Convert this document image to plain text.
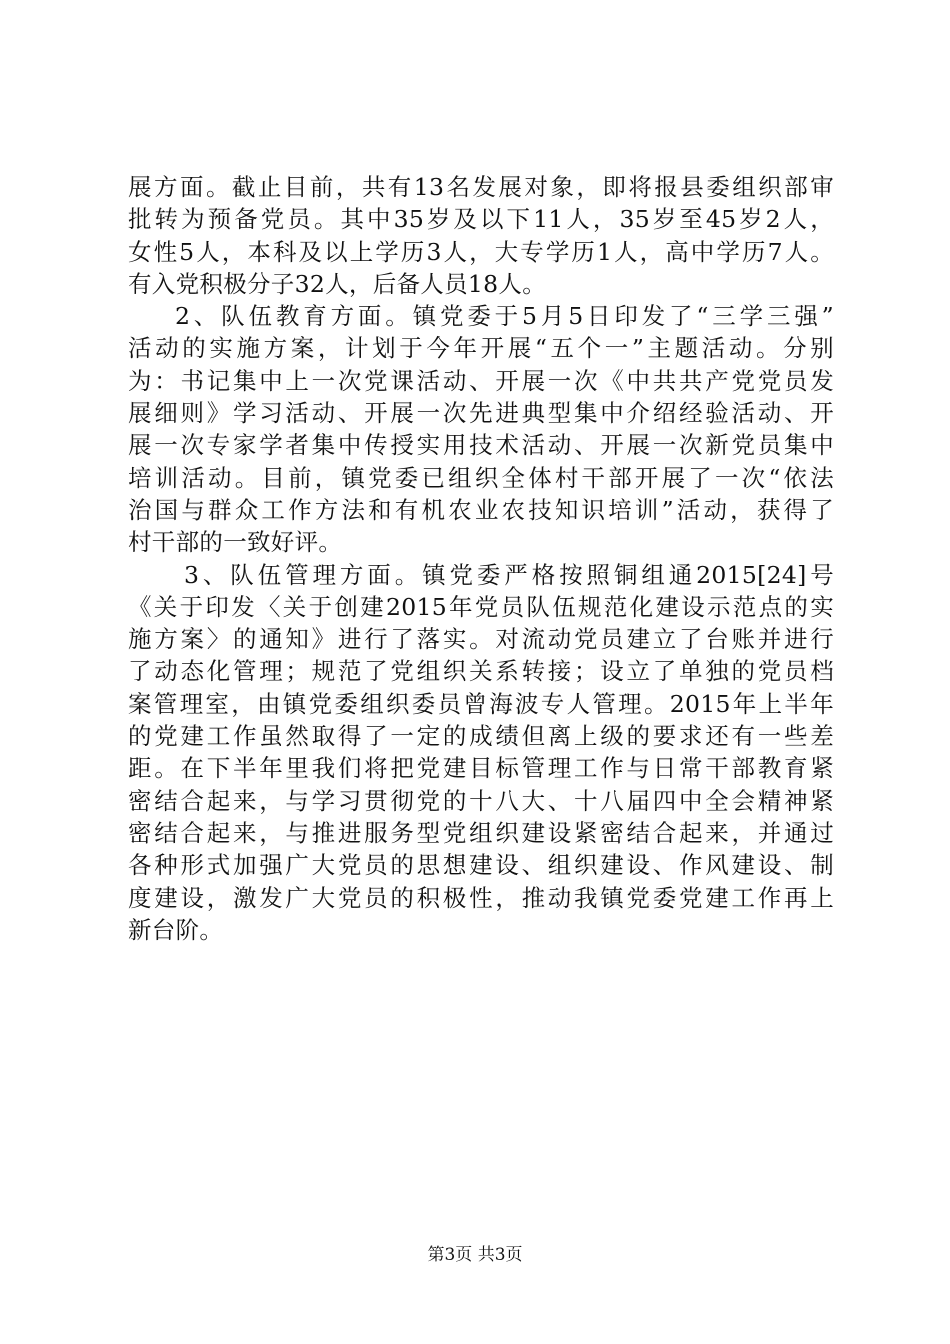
展方面。截止目前，共有13名发展对象，即将报县委组织部审
批转为预备党员。其中35岁及以下11人，35岁至45岁2人，
女性5人，本科及以上学历3人，大专学历1人，高中学历7人。
有入党积极分子32人，后备人员18人。
2、队伍教育方面。镇党委于5月5日印发了“三学三强”
活动的实施方案，计划于今年开展“五个一”主题活动。分别
为：书记集中上一次党课活动、开展一次《中共共产党党员发
展细则》学习活动、开展一次先进典型集中介绍经验活动、开
展一次专家学者集中传授实用技术活动、开展一次新党员集中
培训活动。目前，镇党委已组织全体村干部开展了一次“依法
治国与群众工作方法和有机农业农技知识培训”活动，获得了
村干部的一致好评。
3、队伍管理方面。镇党委严格按照铜组通2015[24]号
《关于印发〈关于创建2015年党员队伍规范化建设示范点的实
施方案〉的通知》进行了落实。对流动党员建立了台账并进行
了动态化管理；规范了党组织关系转接；设立了单独的党员档
案管理室，由镇党委组织委员曾海波专人管理。2015年上半年
的党建工作虽然取得了一定的成绩但离上级的要求还有一些差
距。在下半年里我们将把党建目标管理工作与日常干部教育紧
密结合起来，与学习贯彻党的十八大、十八届四中全会精神紧
密结合起来，与推进服务型党组织建设紧密结合起来，并通过
各种形式加强广大党员的思想建设、组织建设、作风建设、制
度建设，激发广大党员的积极性，推动我镇党委党建工作再上
新台阶。
第3页 共3页
